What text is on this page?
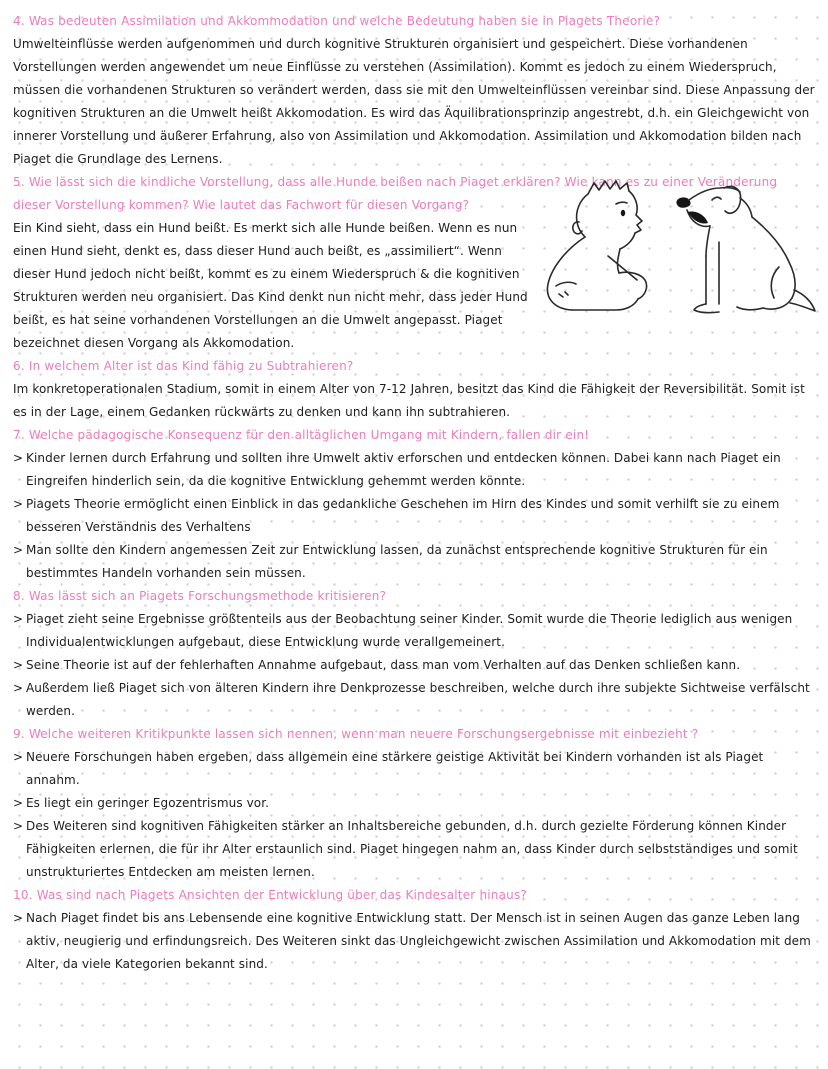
4. Was bedeuten Assimilation und Akkommodation und welche Bedeutung haben sie in Piagets Theorie?

Umwelteinflüsse werden aufgenommen und durch kognitive Strukturen organisiert und gespeichert. Diese vorhandenen Vorstellungen werden angewendet um neue Einflüsse zu verstehen (Assimilation). Kommt es jedoch zu einem Wiederspruch, müssen die vorhandenen Strukturen so verändert werden, dass sie mit den Umwelteinflüssen vereinbar sind. Diese Anpassung der kognitiven Strukturen an die Umwelt heißt Akkomodation. Es wird das Äquilibrationsprinzip angestrebt, d.h. ein Gleichgewicht von innerer Vorstellung und äußerer Erfahrung, also von Assimilation und Akkomodation. Assimilation und Akkomodation bilden nach Piaget die Grundlage des Lernens.

5. Wie lässt sich die kindliche Vorstellung, dass alle Hunde beißen nach Piaget erklären? Wie kann es zu einer Veränderung dieser Vorstellung kommen? Wie lautet das Fachwort für diesen Vorgang?

Ein Kind sieht, dass ein Hund beißt. Es merkt sich alle Hunde beißen. Wenn es nun einen Hund sieht, denkt es, dass dieser Hund auch beißt, es „assimiliert“. Wenn dieser Hund jedoch nicht beißt, kommt es zu einem Wiederspruch & die kognitiven Strukturen werden neu organisiert. Das Kind denkt nun nicht mehr, dass jeder Hund beißt, es hat seine vorhandenen Vorstellungen an die Umwelt angepasst. Piaget bezeichnet diesen Vorgang als Akkomodation.

6. In welchem Alter ist das Kind fähig zu Subtrahieren?

Im konkretoperationalen Stadium, somit in einem Alter von 7-12 Jahren, besitzt das Kind die Fähigkeit der Reversibilität. Somit ist es in der Lage, einem Gedanken rückwärts zu denken und kann ihn subtrahieren.

7. Welche pädagogische Konsequenz für den alltäglichen Umgang mit Kindern, fallen dir ein!
> Kinder lernen durch Erfahrung und sollten ihre Umwelt aktiv erforschen und entdecken können. Dabei kann nach Piaget ein Eingreifen hinderlich sein, da die kognitive Entwicklung gehemmt werden könnte.
> Piagets Theorie ermöglicht einen Einblick in das gedankliche Geschehen im Hirn des Kindes und somit verhilft sie zu einem besseren Verständnis des Verhaltens
> Man sollte den Kindern angemessen Zeit zur Entwicklung lassen, da zunächst entsprechende kognitive Strukturen für ein bestimmtes Handeln vorhanden sein müssen.
8. Was lässt sich an Piagets Forschungsmethode kritisieren?
> Piaget zieht seine Ergebnisse größtenteils aus der Beobachtung seiner Kinder. Somit wurde die Theorie lediglich aus wenigen Individualentwicklungen aufgebaut, diese Entwicklung wurde verallgemeinert.
> Seine Theorie ist auf der fehlerhaften Annahme aufgebaut, dass man vom Verhalten auf das Denken schließen kann.
> Außerdem ließ Piaget sich von älteren Kindern ihre Denkprozesse beschreiben, welche durch ihre subjekte Sichtweise verfälscht werden.
9. Welche weiteren Kritikpunkte lassen sich nennen, wenn man neuere Forschungsergebnisse mit einbezieht ?
> Neuere Forschungen haben ergeben, dass allgemein eine stärkere geistige Aktivität bei Kindern vorhanden ist als Piaget annahm.
> Es liegt ein geringer Egozentrismus vor.
> Des Weiteren sind kognitiven Fähigkeiten stärker an Inhaltsbereiche gebunden, d.h. durch gezielte Förderung können Kinder Fähigkeiten erlernen, die für ihr Alter erstaunlich sind. Piaget hingegen nahm an, dass Kinder durch selbstständiges und somit unstrukturiertes Entdecken am meisten lernen.
10. Was sind nach Piagets Ansichten der Entwicklung über das Kindesalter hinaus?
> Nach Piaget findet bis ans Lebensende eine kognitive Entwicklung statt. Der Mensch ist in seinen Augen das ganze Leben lang aktiv, neugierig und erfindungsreich. Des Weiteren sinkt das Ungleichgewicht zwischen Assimilation und Akkomodation mit dem Alter, da viele Kategorien bekannt sind.
